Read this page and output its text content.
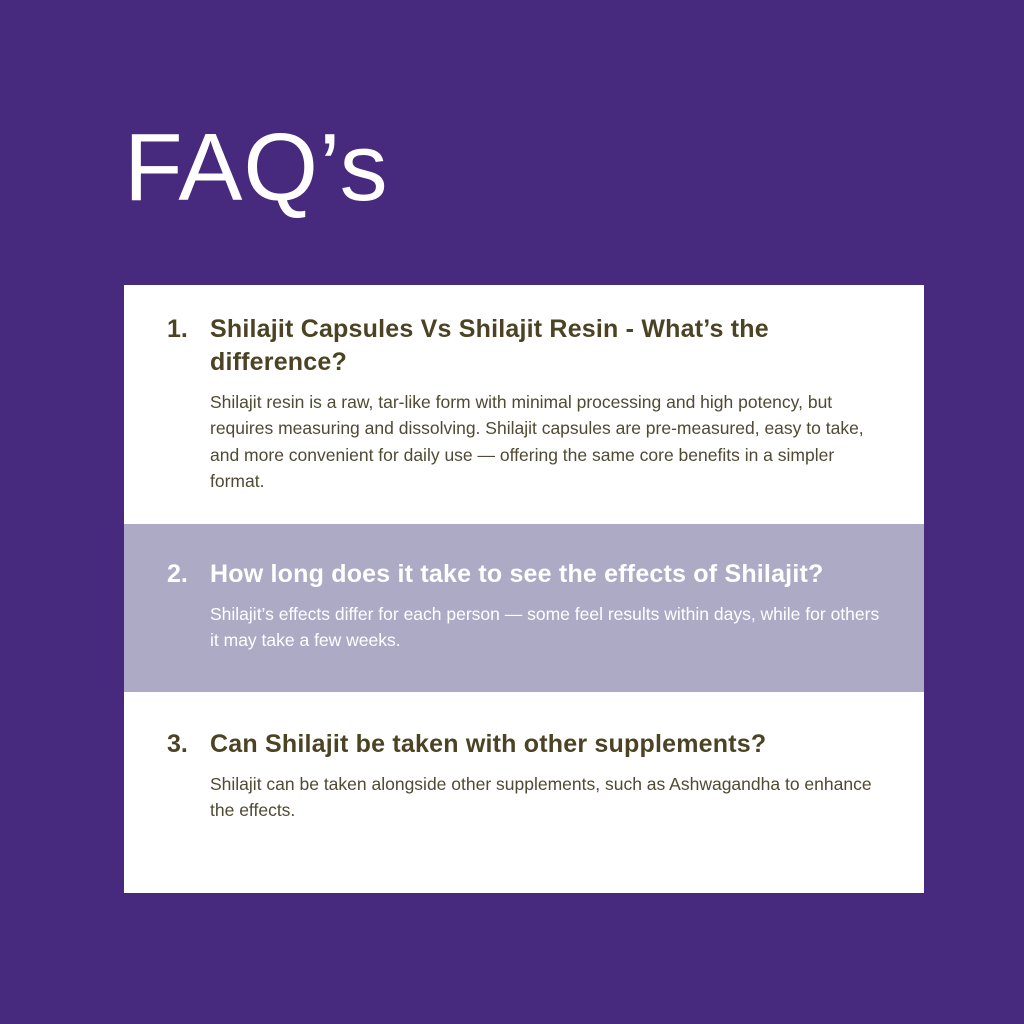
FAQ’s
1. Shilajit Capsules Vs Shilajit Resin - What’s the difference?
Shilajit resin is a raw, tar-like form with minimal processing and high potency, but requires measuring and dissolving. Shilajit capsules are pre-measured, easy to take, and more convenient for daily use — offering the same core benefits in a simpler format.
2. How long does it take to see the effects of Shilajit?
Shilajit’s effects differ for each person — some feel results within days, while for others it may take a few weeks.
3. Can Shilajit be taken with other supplements?
Shilajit can be taken alongside other supplements, such as Ashwagandha to enhance the effects.
